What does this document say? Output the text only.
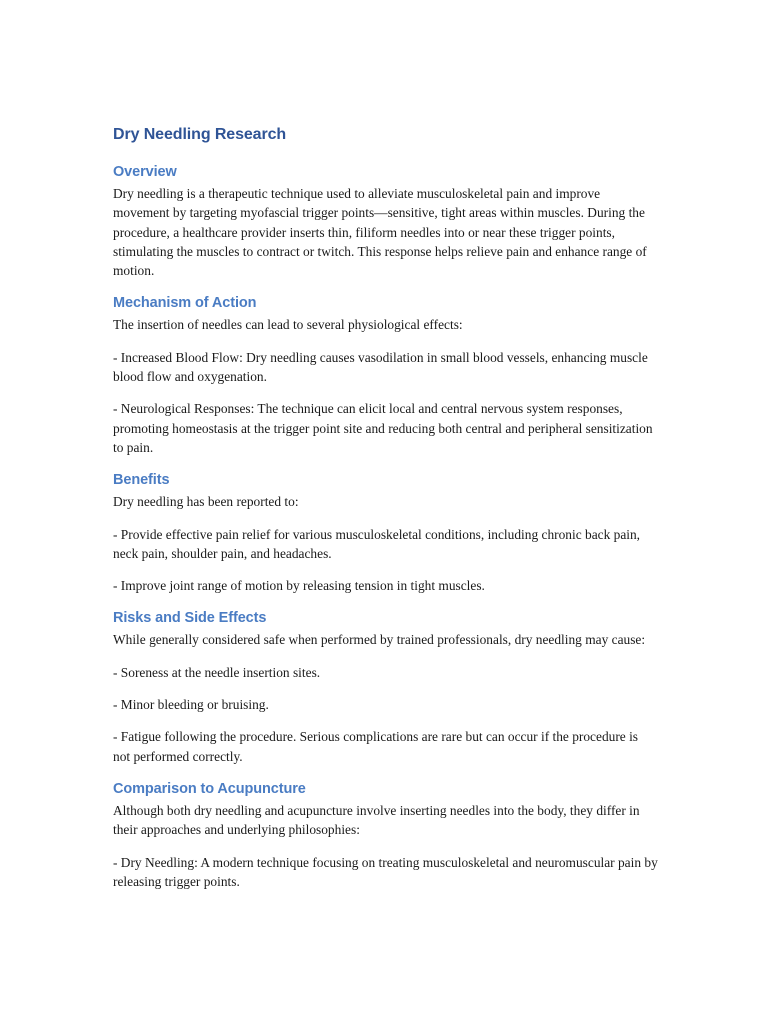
Dry Needling Research
Overview

Dry needling is a therapeutic technique used to alleviate musculoskeletal pain and improve movement by targeting myofascial trigger points—sensitive, tight areas within muscles. During the procedure, a healthcare provider inserts thin, filiform needles into or near these trigger points, stimulating the muscles to contract or twitch. This response helps relieve pain and enhance range of motion.

Mechanism of Action

The insertion of needles can lead to several physiological effects:

- Increased Blood Flow: Dry needling causes vasodilation in small blood vessels, enhancing muscle blood flow and oxygenation.

- Neurological Responses: The technique can elicit local and central nervous system responses, promoting homeostasis at the trigger point site and reducing both central and peripheral sensitization to pain.

Benefits

Dry needling has been reported to:

- Provide effective pain relief for various musculoskeletal conditions, including chronic back pain, neck pain, shoulder pain, and headaches.

- Improve joint range of motion by releasing tension in tight muscles.

Risks and Side Effects

While generally considered safe when performed by trained professionals, dry needling may cause:

- Soreness at the needle insertion sites.

- Minor bleeding or bruising.

- Fatigue following the procedure. Serious complications are rare but can occur if the procedure is not performed correctly.

Comparison to Acupuncture

Although both dry needling and acupuncture involve inserting needles into the body, they differ in their approaches and underlying philosophies:

- Dry Needling: A modern technique focusing on treating musculoskeletal and neuromuscular pain by releasing trigger points.
